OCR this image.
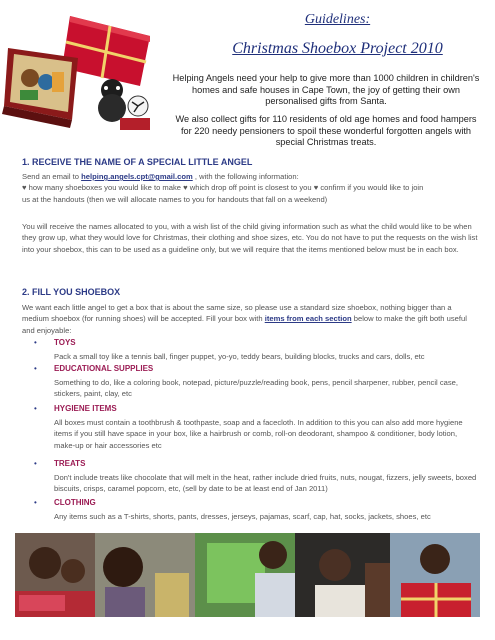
Guidelines:
Christmas Shoebox Project 2010
Helping Angels need your help to give more than 1000 children in children's homes and safe houses in Cape Town, the joy of getting their own personalised gifts from Santa.
We also collect gifts for 110 residents of old age homes and food hampers for 220 needy pensioners to spoil these wonderful forgotten angels with special Christmas treats.
1. RECEIVE THE NAME OF A SPECIAL LITTLE ANGEL
Send an email to helping.angels.cpt@gmail.com , with the following information:
♥ how many shoeboxes you would like to make ♥ which drop off point is closest to you ♥ confirm if you would like to join
us at the handouts (then we will allocate names to you for handouts that fall on a weekend)
You will receive the names allocated to you, with a wish list of the child giving information such as what the child would like to be when they grow up, what they would love for Christmas, their clothing and shoe sizes, etc. You do not have to put the requests on the wish list into your shoebox, this can to be used as a guideline only, but we will require that the items mentioned below must be in each box.
2. FILL YOU SHOEBOX
We want each little angel to get a box that is about the same size, so please use a standard size shoebox, nothing bigger than a medium shoebox (for running shoes) will be accepted. Fill your box with items from each section below to make the gift both useful and enjoyable:
• TOYS
Pack a small toy like a tennis ball, finger puppet, yo-yo, teddy bears, building blocks, trucks and cars, dolls, etc
• EDUCATIONAL SUPPLIES
Something to do, like a coloring book, notepad, picture/puzzle/reading book, pens, pencil sharpener, rubber, pencil case, stickers, paint, clay, etc
• HYGIENE ITEMS
All boxes must contain a toothbrush & toothpaste, soap and a facecloth. In addition to this you can also add more hygiene items if you still have space in your box, like a hairbrush or comb, roll-on deodorant, shampoo & conditioner, body lotion, make-up or hair accessories etc
• TREATS
Don't include treats like chocolate that will melt in the heat, rather include dried fruits, nuts, nougat, fizzers, jelly sweets, boxed biscuits, crisps, caramel popcorn, etc, (sell by date to be at least end of Jan 2011)
• CLOTHING
Any items such as a T-shirts, shorts, pants, dresses, jerseys, pajamas, scarf, cap, hat, socks, jackets, shoes, etc
